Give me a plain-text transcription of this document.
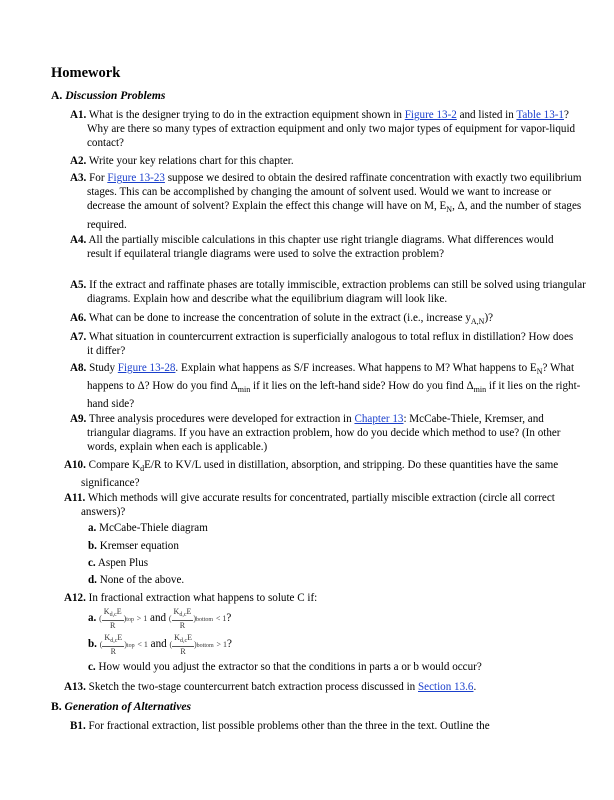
Homework

A. Discussion Problems

A1. What is the designer trying to do in the extraction equipment shown in Figure 13-2 and listed in Table 13-1? Why are there so many types of extraction equipment and only two major types of equipment for vapor-liquid contact?

A2. Write your key relations chart for this chapter.

A3. For Figure 13-23 suppose we desired to obtain the desired raffinate concentration with exactly two equilibrium stages. This can be accomplished by changing the amount of solvent used. Would we want to increase or decrease the amount of solvent? Explain the effect this change will have on M, $E_N$, Δ, and the number of stages required.

A4. All the partially miscible calculations in this chapter use right triangle diagrams. What differences would result if equilateral triangle diagrams were used to solve the extraction problem?

A5. If the extract and raffinate phases are totally immiscible, extraction problems can still be solved using triangular diagrams. Explain how and describe what the equilibrium diagram will look like.

A6. What can be done to increase the concentration of solute in the extract (i.e., increase $y_{A,N}$)?

A7. What situation in countercurrent extraction is superficially analogous to total reflux in distillation? How does it differ?

A8. Study Figure 13-28. Explain what happens as S/F increases. What happens to M? What happens to $E_N$? What happens to Δ? How do you find $\Delta_{min}$ if it lies on the left-hand side? How do you find $\Delta_{min}$ if it lies on the right-hand side?

A9. Three analysis procedures were developed for extraction in Chapter 13: McCabe-Thiele, Kremser, and triangular diagrams. If you have an extraction problem, how do you decide which method to use? (In other words, explain when each is applicable.)

A10. Compare $K_dE/R$ to KV/L used in distillation, absorption, and stripping. Do these quantities have the same significance?

A11. Which methods will give accurate results for concentrated, partially miscible extraction (circle all correct answers)?

a. McCabe-Thiele diagram

b. Kremser equation

c. Aspen Plus

d. None of the above.

A12. In fractional extraction what happens to solute C if:

a. ( $\frac{K_{d,c}E}{R})top > 1$ and ( $\frac{K_{d,c}E}{R})bottom < 1$?

b. ( $\frac{K_{d,c}E}{R})top < 1$ and ( $\frac{K_{d,c}E}{R})bottom > 1$?

c. How would you adjust the extractor so that the conditions in parts a or b would occur?

A13. Sketch the two-stage countercurrent batch extraction process discussed in Section 13.6.

B. Generation of Alternatives

B1. For fractional extraction, list possible problems other than the three in the text. Outline the
